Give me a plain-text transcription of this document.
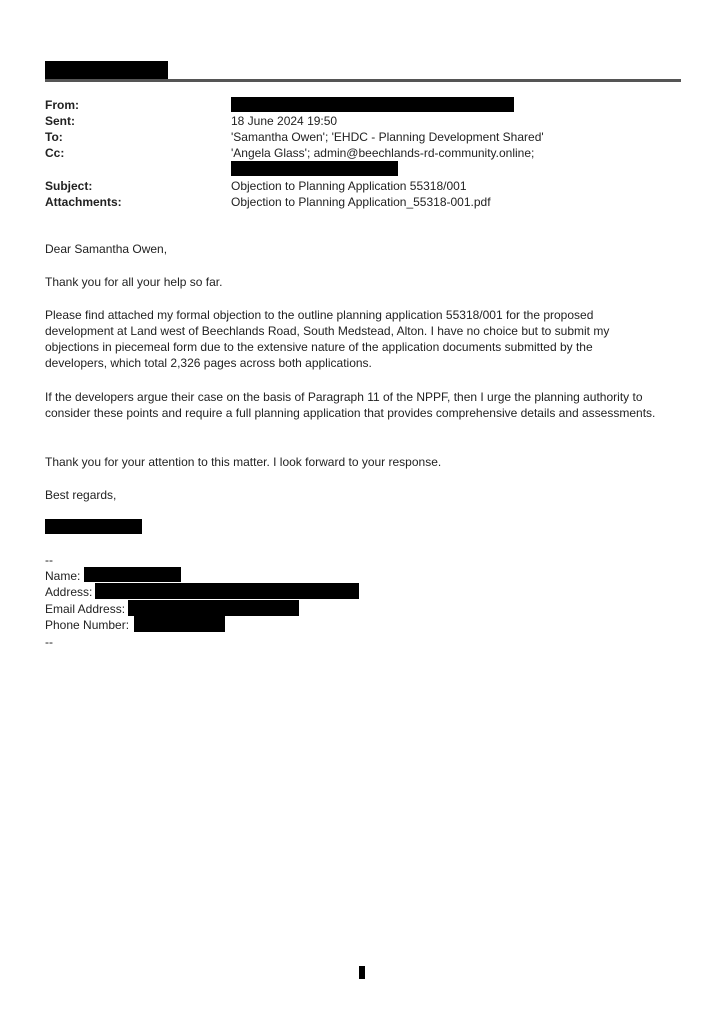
From:
Sent:	18 June 2024 19:50
To:	'Samantha Owen'; 'EHDC - Planning Development Shared'
Cc:	'Angela Glass'; admin@beechlands-rd-community.online;
Subject:	Objection to Planning Application 55318/001
Attachments:	Objection to Planning Application_55318-001.pdf

Dear Samantha Owen,

Thank you for all your help so far.

Please find attached my formal objection to the outline planning application 55318/001 for the proposed

development at Land west of Beechlands Road, South Medstead, Alton. I have no choice but to submit my

objections in piecemeal form due to the extensive nature of the application documents submitted by the

developers, which total 2,326 pages across both applications.

If the developers argue their case on the basis of Paragraph 11 of the NPPF, then I urge the planning authority to

consider these points and require a full planning application that provides comprehensive details and assessments.

Thank you for your attention to this matter. I look forward to your response.

Best regards,

--
Name:
Address:
Email Address:
Phone Number:
--
